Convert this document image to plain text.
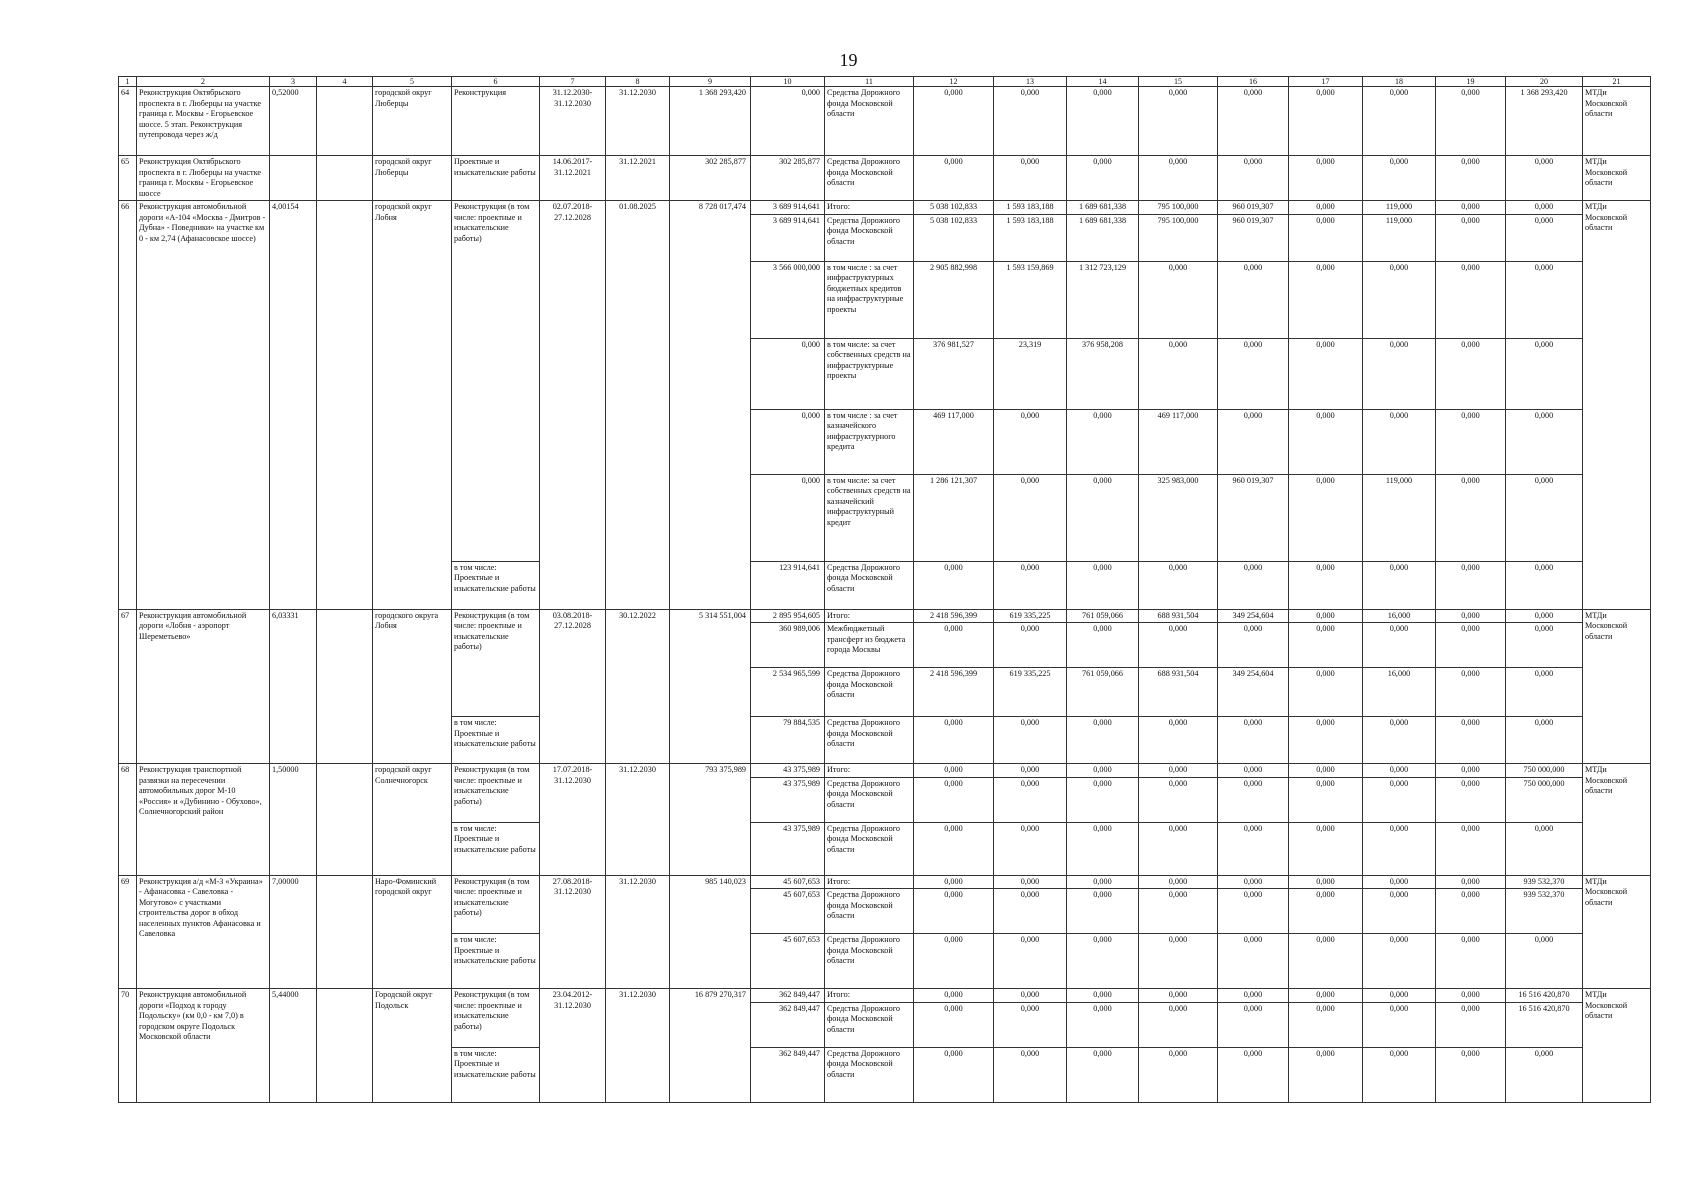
19
1	2	3	4	5	6	7	8	9	10	11	12	13	14	15	16	17	18	19	20	21
64	Реконструкция Октябрьского проспекта в г. Люберцы на участке граница г. Москвы - Егорьевское шоссе. 5 этап. Реконструкция путепровода через ж/д	0,52000		городской округ Люберцы	Реконструкция	31.12.2030-31.12.2030	31.12.2030	1 368 293,420	0,000	Средства Дорожного фонда Московской области	0,000	0,000	0,000	0,000	0,000	0,000	0,000	0,000	1 368 293,420	МТДи Московской области
65	Реконструкция Октябрьского проспекта в г. Люберцы на участке граница г. Москвы - Егорьевское шоссе			городской округ Люберцы	Проектные и изыскательские работы	14.06.2017-31.12.2021	31.12.2021	302 285,877	302 285,877	Средства Дорожного фонда Московской области	0,000	0,000	0,000	0,000	0,000	0,000	0,000	0,000	0,000	МТДи Московской области
66	Реконструкция автомобильной дороги «А-104 «Москва - Дмитров - Дубна» - Поведники» на участке км 0 - км 2,74 (Афанасовское шоссе)	4,00154		городской округ Лобня	Реконструкция (в том числе: проектные и изыскательские работы)	02.07.2018-27.12.2028	01.08.2025	8 728 017,474	3 689 914,641	Итого:	5 038 102,833	1 593 183,188	1 689 681,338	795 100,000	960 019,307	0,000	119,000	0,000	0,000	МТДи Московской области
									3 689 914,641	Средства Дорожного фонда Московской области	5 038 102,833	1 593 183,188	1 689 681,338	795 100,000	960 019,307	0,000	119,000	0,000	0,000	
									3 566 000,000	в том числе : за счет инфраструктурных бюджетных кредитов на инфраструктурные проекты	2 905 882,998	1 593 159,869	1 312 723,129	0,000	0,000	0,000	0,000	0,000	0,000	
									0,000	в том числе: за счет собственных средств на инфраструктурные проекты	376 981,527	23,319	376 958,208	0,000	0,000	0,000	0,000	0,000	0,000	
									0,000	в том числе : за счет казначейского инфраструктурного кредита	469 117,000	0,000	0,000	469 117,000	0,000	0,000	0,000	0,000	0,000	
									0,000	в том числе: за счет собственных средств на казначейский инфраструктурный кредит	1 286 121,307	0,000	0,000	325 983,000	960 019,307	0,000	119,000	0,000	0,000	
					в том числе: Проектные и изыскательские работы				123 914,641	Средства Дорожного фонда Московской области	0,000	0,000	0,000	0,000	0,000	0,000	0,000	0,000	0,000	
67	Реконструкция автомобильной дороги «Лобня - аэропорт Шереметьево»	6,03331		городского округа Лобня	Реконструкция (в том числе: проектные и изыскательские работы)	03.08.2018-27.12.2028	30.12.2022	5 314 551,004	2 895 954,605	Итого:	2 418 596,399	619 335,225	761 059,066	688 931,504	349 254,604	0,000	16,000	0,000	0,000	МТДи Московской области
									360 989,006	Межбюджетный трансферт из бюджета города Москвы	0,000	0,000	0,000	0,000	0,000	0,000	0,000	0,000	0,000	
									2 534 965,599	Средства Дорожного фонда Московской области	2 418 596,399	619 335,225	761 059,066	688 931,504	349 254,604	0,000	16,000	0,000	0,000	
					в том числе: Проектные и изыскательские работы				79 884,535	Средства Дорожного фонда Московской области	0,000	0,000	0,000	0,000	0,000	0,000	0,000	0,000	0,000	
68	Реконструкция транспортной развязки на пересечении автомобильных дорог М-10 «Россия» и «Дубинино - Обухово», Солнечногорский район	1,50000		городской округ Солнечногорск	Реконструкция (в том числе: проектные и изыскательские работы)	17.07.2018-31.12.2030	31.12.2030	793 375,989	43 375,989	Итого:	0,000	0,000	0,000	0,000	0,000	0,000	0,000	0,000	750 000,000	МТДи Московской области
									43 375,989	Средства Дорожного фонда Московской области	0,000	0,000	0,000	0,000	0,000	0,000	0,000	0,000	750 000,000	
					в том числе: Проектные и изыскательские работы				43 375,989	Средства Дорожного фонда Московской области	0,000	0,000	0,000	0,000	0,000	0,000	0,000	0,000	0,000	
69	Реконструкция а/д «М-3 «Украина» - Афанасовка - Савеловка - Могутово» с участками строительства дорог в обход населенных пунктов Афанасовка и Савеловка	7,00000		Наро-Фоминский городской округ	Реконструкция (в том числе: проектные и изыскательские работы)	27.08.2018-31.12.2030	31.12.2030	985 140,023	45 607,653	Итого:	0,000	0,000	0,000	0,000	0,000	0,000	0,000	0,000	939 532,370	МТДи Московской области
									45 607,653	Средства Дорожного фонда Московской области	0,000	0,000	0,000	0,000	0,000	0,000	0,000	0,000	939 532,370	
					в том числе: Проектные и изыскательские работы				45 607,653	Средства Дорожного фонда Московской области	0,000	0,000	0,000	0,000	0,000	0,000	0,000	0,000	0,000	
70	Реконструкция автомобильной дороги «Подход к городу Подольску» (км 0,0 - км 7,0) в городском округе Подольск Московской области	5,44000		Городской округ Подольск	Реконструкция (в том числе: проектные и изыскательские работы)	23.04.2012-31.12.2030	31.12.2030	16 879 270,317	362 849,447	Итого:	0,000	0,000	0,000	0,000	0,000	0,000	0,000	0,000	16 516 420,870	МТДи Московской области
									362 849,447	Средства Дорожного фонда Московской области	0,000	0,000	0,000	0,000	0,000	0,000	0,000	0,000	16 516 420,870	
					в том числе: Проектные и изыскательские работы				362 849,447	Средства Дорожного фонда Московской области	0,000	0,000	0,000	0,000	0,000	0,000	0,000	0,000	0,000	
